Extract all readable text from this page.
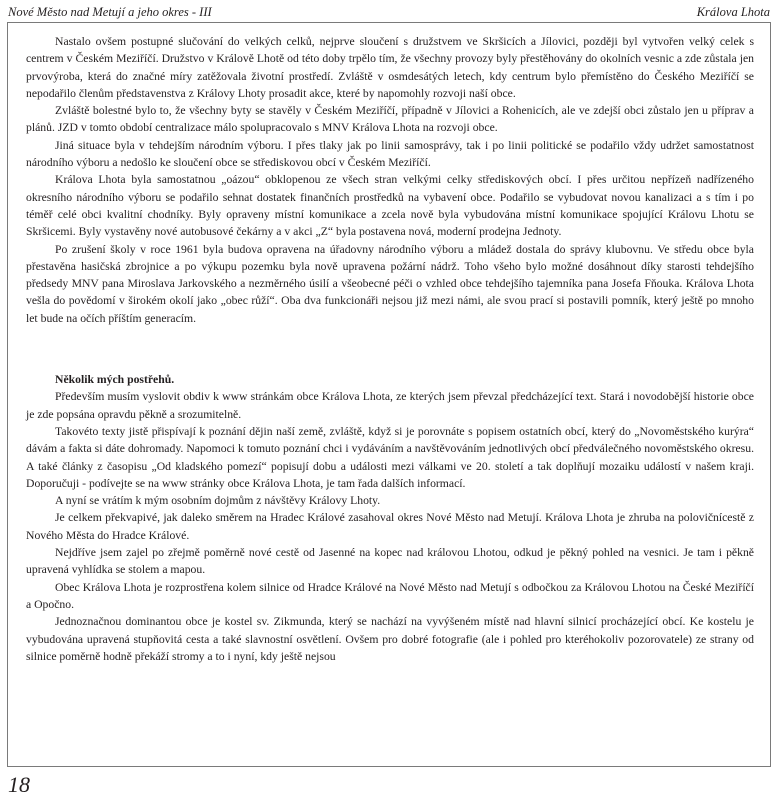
Nové Město nad Metují a jeho okres - III	Králova Lhota

Nastalo ovšem postupné slučování do velkých celků, nejprve sloučení s družstvem ve Skršicích a Jílovici, později byl vytvořen velký celek s centrem v Českém Meziříčí. Družstvo v Královĕ Lhotĕ od této doby trpělo tím, že všechny provozy byly přestěhovány do okolních vesnic a zde zůstala jen prvovýroba, která do značné míry zatěžovala životní prostředí. Zvláště v osmdesátých letech, kdy centrum bylo přemístěno do Českého Meziříčí se nepodařilo členům představenstva z Královy Lhoty prosadit akce, které by napomohly rozvoji naší obce.

Zvláště bolestné bylo to, že všechny byty se stavěly v Českém Meziříčí, případně v Jílovici a Rohenicích, ale ve zdejší obci zůstalo jen u příprav a plánů. JZD v tomto období centralizace málo spolupracovalo s MNV Králova Lhota na rozvoji obce.

Jiná situace byla v tehdejším národním výboru. I přes tlaky jak po linii samosprávy, tak i po linii politické se podařilo vždy udržet samostatnost národního výboru a nedošlo ke sloučení obce se střediskovou obcí v Českém Meziříčí.

Králova Lhota byla samostatnou „oázou“ obklopenou ze všech stran velkými celky střediskových obcí. I přes určitou nepřízeň nadřízeného okresního národního výboru se podařilo sehnat dostatek finančních prostředků na vybavení obce. Podařilo se vybudovat novou kanalizaci a s tím i po téměř celé obci kvalitní chodníky. Byly opraveny místní komunikace a zcela nově byla vybudována místní komunikace spojující Královu Lhotu se Skršicemi. Byly vystavěny nové autobusové čekárny a v akci „Z“ byla postavena nová, moderní prodejna Jednoty.

Po zrušení školy v roce 1961 byla budova opravena na úřadovny národního výboru a mládež dostala do správy klubovnu. Ve středu obce byla přestavěna hasičská zbrojnice a po výkupu pozemku byla nově upravena požární nádrž. Toho všeho bylo možné dosáhnout díky starosti tehdejšího předsedy MNV pana Miroslava Jarkovského a nezměrného úsilí a všeobecné péči o vzhled obce tehdejšího tajemníka pana Josefa Fňouka. Králova Lhota vešla do povědomí v širokém okolí jako „obec růží“. Oba dva funkcionáři nejsou již mezi námi, ale svou prací si postavili pomník, který ještě po mnoho let bude na očích příštím generacím.

Několik mých postřehů.

Především musím vyslovit obdiv k www stránkám obce Králova Lhota, ze kterých jsem převzal předcházející text. Stará i novodobější historie obce je zde popsána opravdu pěkně a srozumitelně.

Takovéto texty jistě přispívají k poznání dějin naší země, zvláště, když si je porovnáte s popisem ostatních obcí, který do „Novoměstského kurýra“ dávám a fakta si dáte dohromady. Napomoci k tomuto poznání chci i vydáváním a navštěvováním jednotlivých obcí předválečného novoměstského okresu. A také články z časopisu „Od kladského pomezí“ popisují dobu a události mezi válkami ve 20. století a tak doplňují mozaiku událostí v našem kraji. Doporučuji - podívejte se na www stránky obce Králova Lhota, je tam řada dalších informací.

A nyní se vrátím k mým osobním dojmům z návštěvy Královy Lhoty.

Je celkem překvapivé, jak daleko směrem na Hradec Králové zasahoval okres Nové Město nad Metují. Králova Lhota je zhruba na polovičnícestě z Nového Města do Hradce Králové.

Nejdříve jsem zajel po zřejmě poměrně nové cestě od Jasenné na kopec nad královou Lhotou, odkud je pěkný pohled na vesnici. Je tam i pěkně upravená vyhlídka se stolem a mapou.

Obec Králova Lhota je rozprostřena kolem silnice od Hradce Králové na Nové Město nad Metují s odbočkou za Královou Lhotou na České Meziříčí a Opočno.

Jednoznačnou dominantou obce je kostel sv. Zikmunda, který se nachází na vyvýšeném místě nad hlavní silnicí procházející obcí. Ke kostelu je vybudována upravená stupňovitá cesta a také slavnostní osvětlení. Ovšem pro dobré fotografie (ale i pohled pro kteréhokoliv pozorovatele) ze strany od silnice poměrně hodně překáží stromy a to i nyní, kdy ještě nejsou

18
